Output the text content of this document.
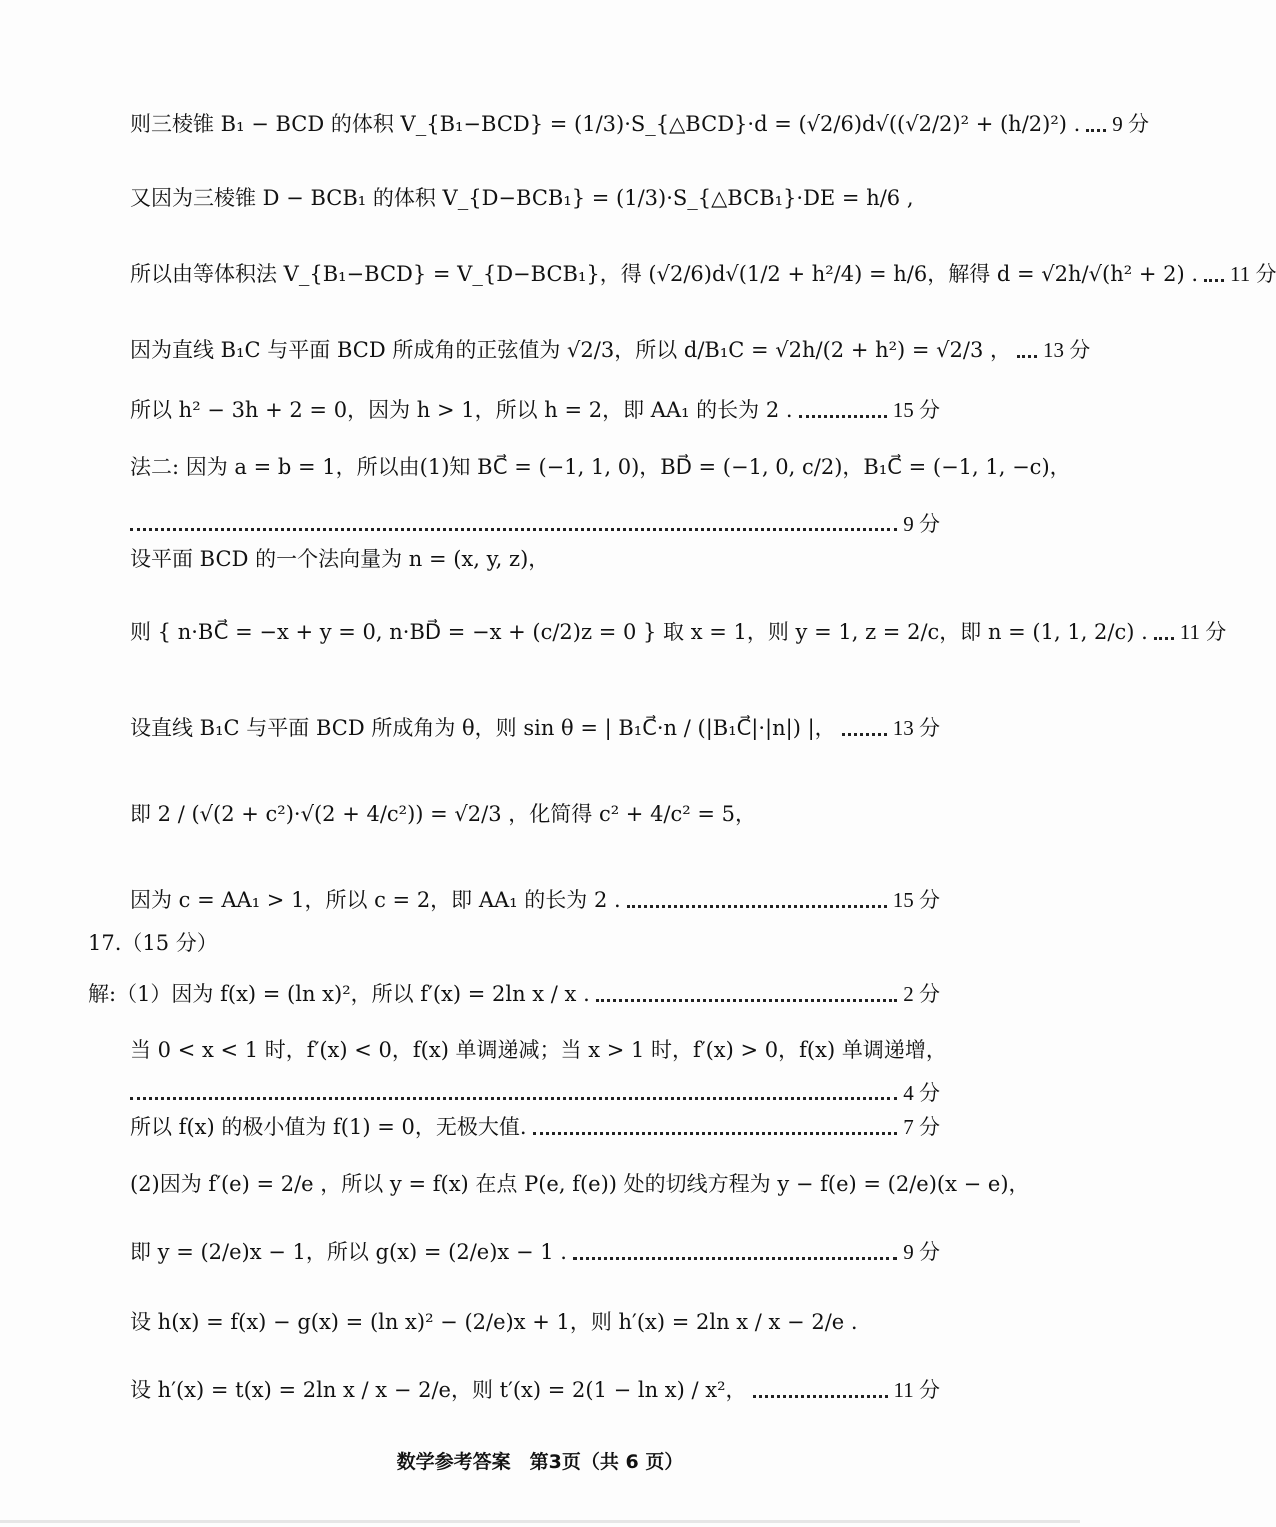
则三棱锥 B₁ − BCD 的体积 V_{B₁−BCD} = (1/3)·S_{△BCD}·d = (√2/6)d√((√2/2)² + (h/2)²) . 9 分
又因为三棱锥 D − BCB₁ 的体积 V_{D−BCB₁} = (1/3)·S_{△BCB₁}·DE = h/6 ,
所以由等体积法 V_{B₁−BCD} = V_{D−BCB₁}，得 (√2/6)d√(1/2 + h²/4) = h/6，解得 d = √2h/√(h² + 2) . 11 分
因为直线 B₁C 与平面 BCD 所成角的正弦值为 √2/3，所以 d/B₁C = √2h/(2 + h²) = √2/3 ， 13 分
所以 h² − 3h + 2 = 0，因为 h > 1，所以 h = 2，即 AA₁ 的长为 2 .	15 分
法二: 因为 a = b = 1，所以由(1)知 BC⃗ = (−1, 1, 0)，BD⃗ = (−1, 0, c/2)，B₁C⃗ = (−1, 1, −c)，
9 分
设平面 BCD 的一个法向量为 n = (x, y, z)，
则 { n·BC⃗ = −x + y = 0, n·BD⃗ = −x + (c/2)z = 0 } 取 x = 1，则 y = 1, z = 2/c，即 n = (1, 1, 2/c) . 11 分
设直线 B₁C 与平面 BCD 所成角为 θ，则 sin θ = | B₁C⃗·n / (|B₁C⃗|·|n|) |，	13 分
即 2 / (√(2 + c²)·√(2 + 4/c²)) = √2/3 ，化简得 c² + 4/c² = 5，
因为 c = AA₁ > 1，所以 c = 2，即 AA₁ 的长为 2 .	15 分
17.（15 分）
解:（1）因为 f(x) = (ln x)²，所以 f′(x) = 2ln x / x .	2 分
当 0 < x < 1 时，f′(x) < 0，f(x) 单调递减；当 x > 1 时，f′(x) > 0，f(x) 单调递增，
4 分
所以 f(x) 的极小值为 f(1) = 0，无极大值.	7 分
(2)因为 f′(e) = 2/e ，所以 y = f(x) 在点 P(e, f(e)) 处的切线方程为 y − f(e) = (2/e)(x − e)，
即 y = (2/e)x − 1，所以 g(x) = (2/e)x − 1 .	9 分
设 h(x) = f(x) − g(x) = (ln x)² − (2/e)x + 1，则 h′(x) = 2ln x / x − 2/e .
设 h′(x) = t(x) = 2ln x / x − 2/e，则 t′(x) = 2(1 − ln x) / x²，	11 分
数学参考答案　第3页（共 6 页）
